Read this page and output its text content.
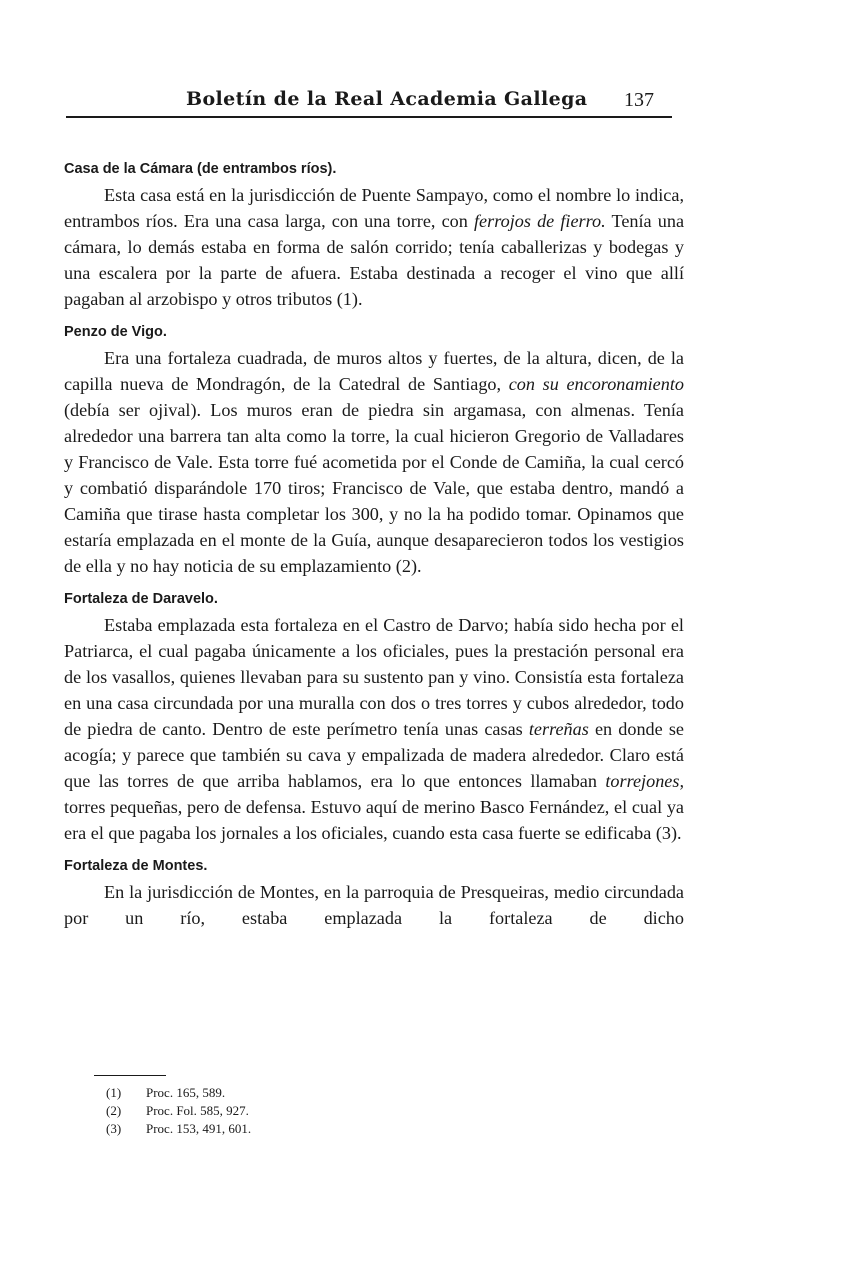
Boletín de la Real Academia Gallega 137
Casa de la Cámara (de entrambos ríos).

Esta casa está en la jurisdicción de Puente Sampayo, como el nombre lo indica, entrambos ríos. Era una casa larga, con una torre, con ferrojos de fierro. Tenía una cámara, lo demás estaba en forma de salón corrido; tenía caballerizas y bodegas y una escalera por la parte de afuera. Estaba destinada a recoger el vino que allí pagaban al arzobispo y otros tributos (1).

Penzo de Vigo.

Era una fortaleza cuadrada, de muros altos y fuertes, de la altura, dicen, de la capilla nueva de Mondragón, de la Catedral de Santiago, con su encoronamiento (debía ser ojival). Los muros eran de piedra sin argamasa, con almenas. Tenía alrededor una barrera tan alta como la torre, la cual hicieron Gregorio de Valladares y Francisco de Vale. Esta torre fué acometida por el Conde de Camiña, la cual cercó y combatió disparándole 170 tiros; Francisco de Vale, que estaba dentro, mandó a Camiña que tirase hasta completar los 300, y no la ha podido tomar. Opinamos que estaría emplazada en el monte de la Guía, aunque desaparecieron todos los vestigios de ella y no hay noticia de su emplazamiento (2).

Fortaleza de Daravelo.

Estaba emplazada esta fortaleza en el Castro de Darvo; había sido hecha por el Patriarca, el cual pagaba únicamente a los oficiales, pues la prestación personal era de los vasallos, quienes llevaban para su sustento pan y vino. Consistía esta fortaleza en una casa circundada por una muralla con dos o tres torres y cubos alrededor, todo de piedra de canto. Dentro de este perímetro tenía unas casas terreñas en donde se acogía; y parece que también su cava y empalizada de madera alrededor. Claro está que las torres de que arriba hablamos, era lo que entonces llamaban torrejones, torres pequeñas, pero de defensa. Estuvo aquí de merino Basco Fernández, el cual ya era el que pagaba los jornales a los oficiales, cuando esta casa fuerte se edificaba (3).

Fortaleza de Montes.

En la jurisdicción de Montes, en la parroquia de Presqueiras, medio circundada por un río, estaba emplazada la fortaleza de dicho

(1) Proc. 165, 589.
(2) Proc. Fol. 585, 927.
(3) Proc. 153, 491, 601.
